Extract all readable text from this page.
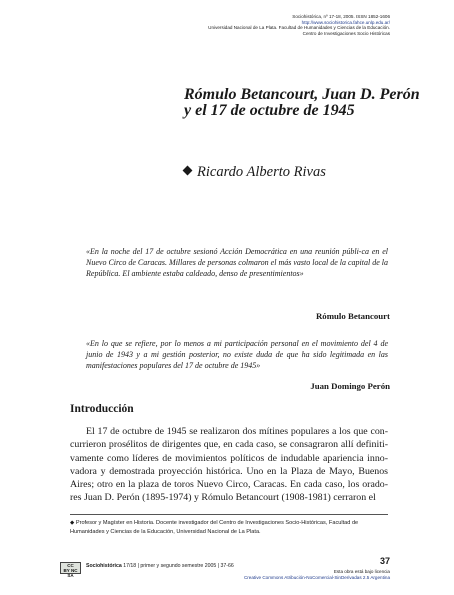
Sociohistórica, nº 17-18, 2005. ISSN 1852-1606
http://www.sociohistorica.fahce.unlp.edu.ar/
Universidad Nacional de La Plata. Facultad de Humanidades y Ciencias de la Educación.
Centro de Investigaciones Socio Históricas
Rómulo Betancourt, Juan D. Perón y el 17 de octubre de 1945
Ricardo Alberto Rivas
«En la noche del 17 de octubre sesionó Acción Democrática en una reunión públi-ca en el Nuevo Circo de Caracas. Millares de personas colmaron el más vasto local de la capital de la República. El ambiente estaba caldeado, denso de presentimientos»
Rómulo Betancourt
«En lo que se refiere, por lo menos a mi participación personal en el movimiento del 4 de junio de 1943 y a mi gestión posterior, no existe duda de que ha sido legitimada en las manifestaciones populares del 17 de octubre de 1945»
Juan Domingo Perón
Introducción

El 17 de octubre de 1945 se realizaron dos mítines populares a los que con-currieron prosélitos de dirigentes que, en cada caso, se consagraron allí definiti-vamente como líderes de movimientos políticos de indudable apariencia inno-vadora y demostrada proyección histórica. Uno en la Plaza de Mayo, Buenos Aires; otro en la plaza de toros Nuevo Circo, Caracas. En cada caso, los orado-res Juan D. Perón (1895-1974) y Rómulo Betancourt (1908-1981) cerraron el

◆ Profesor y Magíster en Historia. Docente investigador del Centro de Investigaciones Socio-Históricas, Facultad de Humanidades y Ciencias de la Educación, Universidad Nacional de La Plata.
CC
BY NC SA
Sociohistórica 17/18 | primer y segundo semestre 2005 | 37-66	37
Esta obra está bajo licencia
Creative Commons Atribución-NoComercial-SinDerivadas 2.5 Argentina
